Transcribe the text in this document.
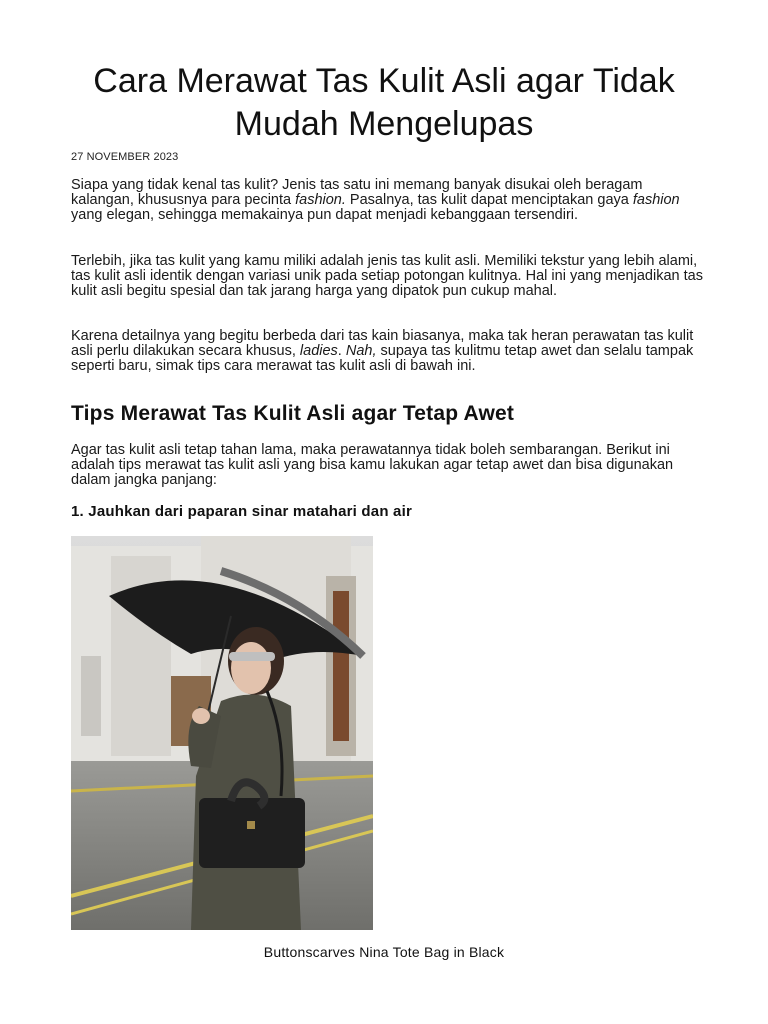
Cara Merawat Tas Kulit Asli agar Tidak Mudah Mengelupas
27 NOVEMBER 2023

Siapa yang tidak kenal tas kulit? Jenis tas satu ini memang banyak disukai oleh beragam kalangan, khususnya para pecinta fashion. Pasalnya, tas kulit dapat menciptakan gaya fashion yang elegan, sehingga memakainya pun dapat menjadi kebanggaan tersendiri.

Terlebih, jika tas kulit yang kamu miliki adalah jenis tas kulit asli. Memiliki tekstur yang lebih alami, tas kulit asli identik dengan variasi unik pada setiap potongan kulitnya. Hal ini yang menjadikan tas kulit asli begitu spesial dan tak jarang harga yang dipatok pun cukup mahal.

Karena detailnya yang begitu berbeda dari tas kain biasanya, maka tak heran perawatan tas kulit asli perlu dilakukan secara khusus, ladies. Nah, supaya tas kulitmu tetap awet dan selalu tampak seperti baru, simak tips cara merawat tas kulit asli di bawah ini.

Tips Merawat Tas Kulit Asli agar Tetap Awet

Agar tas kulit asli tetap tahan lama, maka perawatannya tidak boleh sembarangan. Berikut ini adalah tips merawat tas kulit asli yang bisa kamu lakukan agar tetap awet dan bisa digunakan dalam jangka panjang:

1. Jauhkan dari paparan sinar matahari dan air
Buttonscarves Nina Tote Bag in Black
